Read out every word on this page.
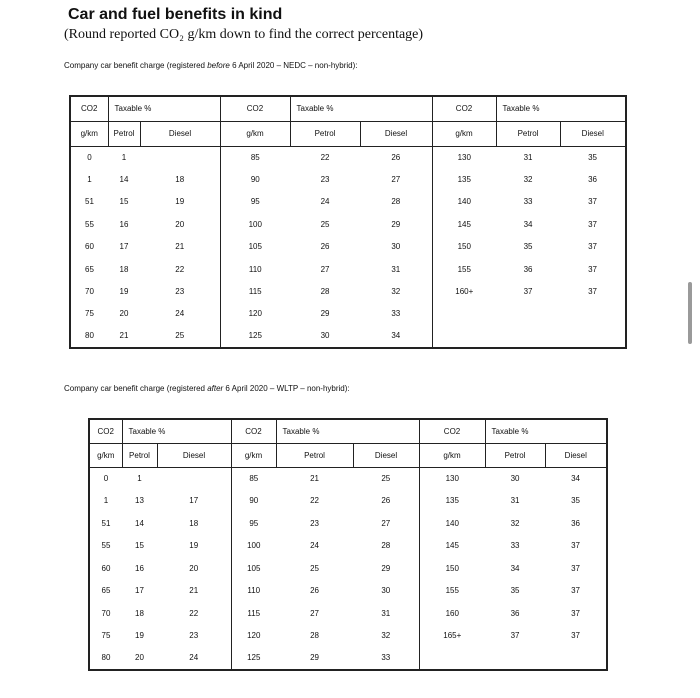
Car and fuel benefits in kind
(Round reported CO₂ g/km down to find the correct percentage)
Company car benefit charge (registered before 6 April 2020 – NEDC – non-hybrid):
CO2	Taxable %		CO2	Taxable %		CO2	Taxable %	
g/km	Petrol	Diesel	g/km	Petrol	Diesel	g/km	Petrol	Diesel
0	1		85	22	26	130	31	35
1	14	18	90	23	27	135	32	36
51	15	19	95	24	28	140	33	37
55	16	20	100	25	29	145	34	37
60	17	21	105	26	30	150	35	37
65	18	22	110	27	31	155	36	37
70	19	23	115	28	32	160+	37	37
75	20	24	120	29	33			
80	21	25	125	30	34			
Company car benefit charge (registered after 6 April 2020 – WLTP – non-hybrid):
CO2	Taxable %		CO2	Taxable %		CO2	Taxable %	
g/km	Petrol	Diesel	g/km	Petrol	Diesel	g/km	Petrol	Diesel
0	1		85	21	25	130	30	34
1	13	17	90	22	26	135	31	35
51	14	18	95	23	27	140	32	36
55	15	19	100	24	28	145	33	37
60	16	20	105	25	29	150	34	37
65	17	21	110	26	30	155	35	37
70	18	22	115	27	31	160	36	37
75	19	23	120	28	32	165+	37	37
80	20	24	125	29	33			
